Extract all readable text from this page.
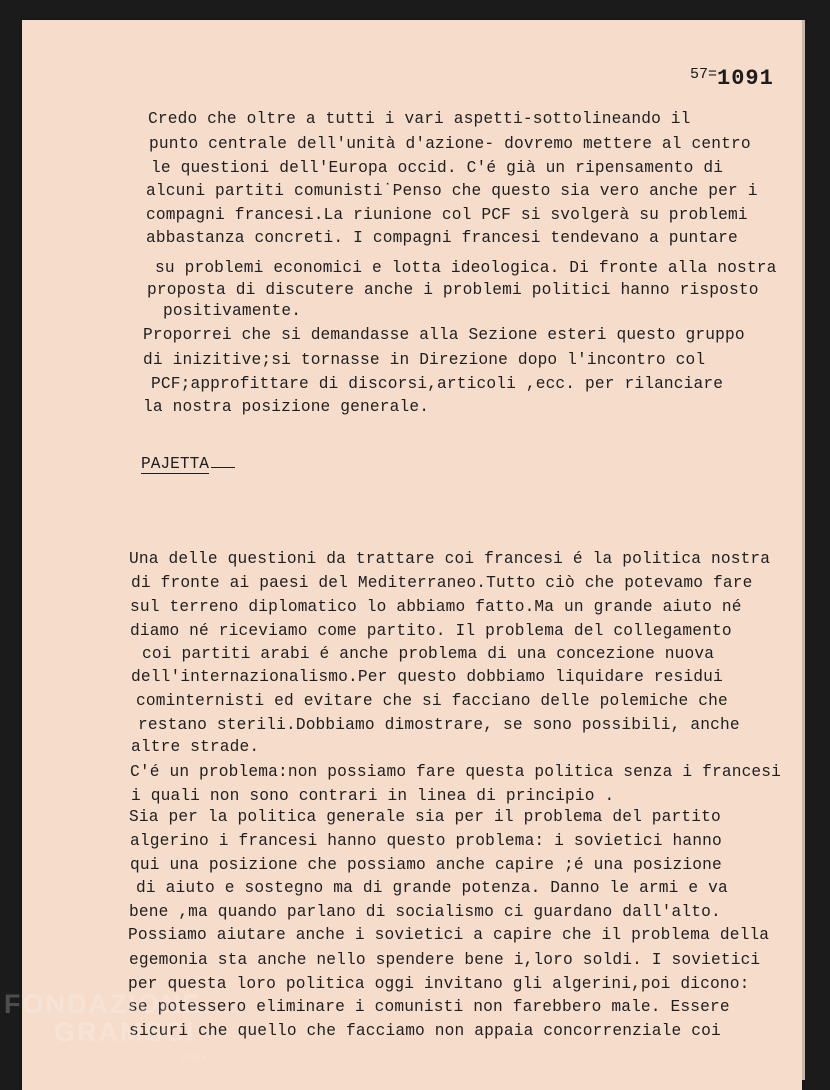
57=1091
Credo che oltre a tutti i vari aspetti-sottolineando il
punto centrale dell'unità d'azione- dovremo mettere al centro
le questioni dell'Europa occid. C'é già un ripensamento di
alcuni partiti comunisti˙Penso che questo sia vero anche per i
compagni francesi.La riunione col PCF si svolgerà su problemi
abbastanza concreti. I compagni francesi tendevano a puntare
su problemi economici e lotta ideologica. Di fronte alla nostra
proposta di discutere anche i problemi politici hanno risposto
positivamente.
Proporrei che si demandasse alla Sezione esteri questo gruppo
di inizitive;si tornasse in Direzione dopo l'incontro col
PCF;approfittare di discorsi,articoli ,ecc. per rilanciare
la nostra posizione generale.
PAJETTA
Una delle questioni da trattare coi francesi é la politica nostra
di fronte ai paesi del Mediterraneo.Tutto ciò che potevamo fare
sul terreno diplomatico lo abbiamo fatto.Ma un grande aiuto né
diamo né riceviamo come partito. Il problema del collegamento
coi partiti arabi é anche problema di una concezione nuova
dell'internazionalismo.Per questo dobbiamo liquidare residui
cominternisti ed evitare che si facciano delle polemiche che
restano sterili.Dobbiamo dimostrare, se sono possibili, anche
altre strade.
C'é un problema:non possiamo fare questa politica senza i francesi
i quali non sono contrari in linea di principio .
Sia per la politica generale sia per il problema del partito
algerino i francesi hanno questo problema: i sovietici hanno
qui una posizione che possiamo anche capire ;é una posizione
di aiuto e sostegno ma di grande potenza. Danno le armi e va
bene ,ma quando parlano di socialismo ci guardano dall'alto.
Possiamo aiutare anche i sovietici a capire che il problema della
egemonia sta anche nello spendere bene i,loro soldi. I sovietici
per questa loro politica oggi invitano gli algerini,poi dicono:
se potessero eliminare i comunisti non farebbero male. Essere
sicuri che quello che facciamo non appaia concorrenziale coi
FONDAZIONE
GRAMSCI
onlus
